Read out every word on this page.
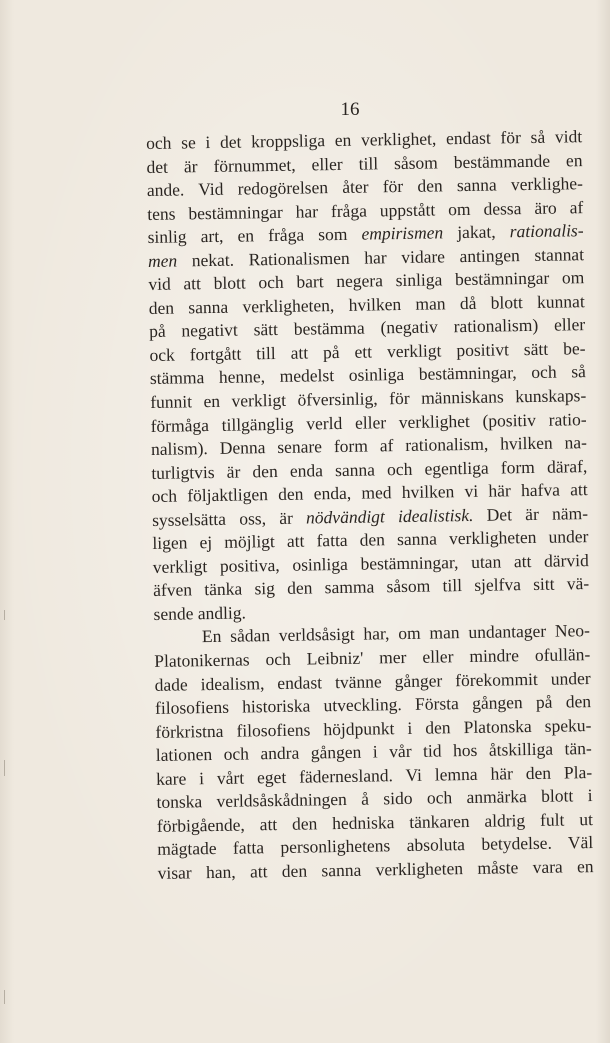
16
och se i det kroppsliga en verklighet, endast för så vidt
det är förnummet, eller till såsom bestämmande en
ande. Vid redogörelsen åter för den sanna verklighe-
tens bestämningar har fråga uppstått om dessa äro af
sinlig art, en fråga som empirismen jakat, rationalis-
men nekat. Rationalismen har vidare antingen stannat
vid att blott och bart negera sinliga bestämningar om
den sanna verkligheten, hvilken man då blott kunnat
på negativt sätt bestämma (negativ rationalism) eller
ock fortgått till att på ett verkligt positivt sätt be-
stämma henne, medelst osinliga bestämningar, och så
funnit en verkligt öfversinlig, för människans kunskaps-
förmåga tillgänglig verld eller verklighet (positiv ratio-
nalism). Denna senare form af rationalism, hvilken na-
turligtvis är den enda sanna och egentliga form däraf,
och följaktligen den enda, med hvilken vi här hafva att
sysselsätta oss, är nödvändigt idealistisk. Det är näm-
ligen ej möjligt att fatta den sanna verkligheten under
verkligt positiva, osinliga bestämningar, utan att därvid
äfven tänka sig den samma såsom till sjelfva sitt vä-
sende andlig.
En sådan verldsåsigt har, om man undantager Neo-
Platonikernas och Leibniz' mer eller mindre ofullän-
dade idealism, endast tvänne gånger förekommit under
filosofiens historiska utveckling. Första gången på den
förkristna filosofiens höjdpunkt i den Platonska speku-
lationen och andra gången i vår tid hos åtskilliga tän-
kare i vårt eget fädernesland. Vi lemna här den Pla-
tonska verldsåskådningen å sido och anmärka blott i
förbigående, att den hedniska tänkaren aldrig fult ut
mägtade fatta personlighetens absoluta betydelse. Väl
visar han, att den sanna verkligheten måste vara en
